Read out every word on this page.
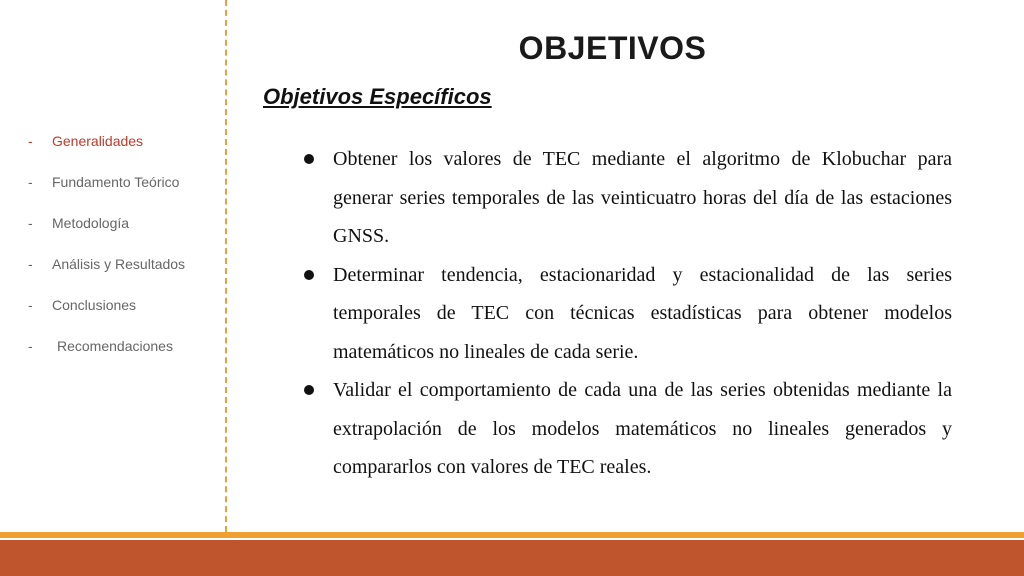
-	Generalidades
-	Fundamento Teórico
-	Metodología
-	Análisis y Resultados
-	Conclusiones
-	Recomendaciones
OBJETIVOS
Objetivos Específicos
Obtener los valores de TEC mediante el algoritmo de Klobuchar para generar series temporales de las veinticuatro horas del día de las estaciones GNSS.
Determinar tendencia, estacionaridad y estacionalidad de las series temporales de TEC con técnicas estadísticas para obtener modelos matemáticos no lineales de cada serie.
Validar el comportamiento de cada una de las series obtenidas mediante la extrapolación de los modelos matemáticos no lineales generados y compararlos con valores de TEC reales.
